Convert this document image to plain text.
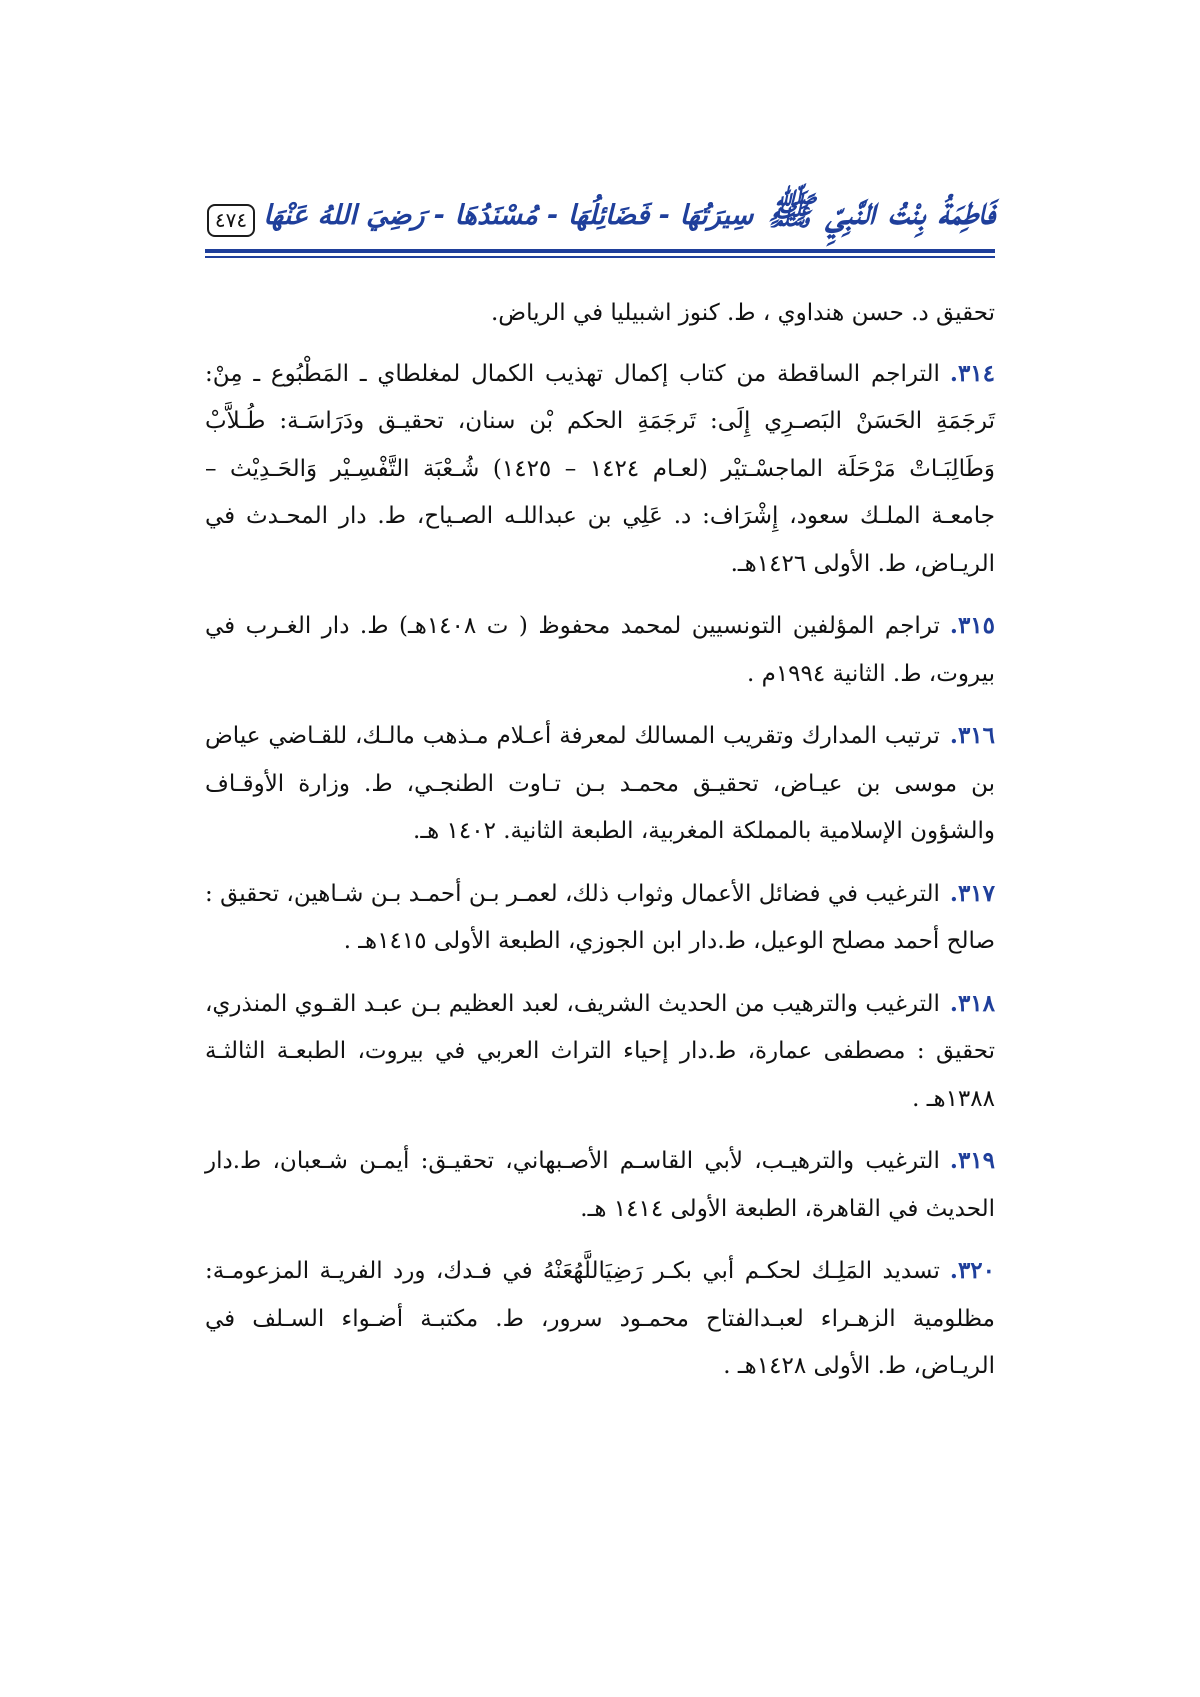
فَاطِمَةُ بِنْتُ النَّبِيِّ ﷺ سِيرَتُهَا - فَضَائِلُهَا - مُسْنَدُهَا - رَضِيَ اللهُ عَنْهَا
٤٧٤

تحقيق د. حسن هنداوي ، ط. كنوز اشبيليا في الرياض.

٣١٤.التراجم الساقطة من كتاب إكمال تهذيب الكمال لمغلطاي ـ المَطْبُوع ـ مِنْ: تَرجَمَةِ الحَسَنْ البَصـرِي إِلَى: تَرجَمَةِ الحكم بْن سنان، تحقيـق ودَرَاسَـة: طُـلاَّبْ وَطَالِبَـاتْ مَرْحَلَة الماجسْـتيْر (لعـام ١٤٢٤ – ١٤٢٥) شُـعْبَة التَّفْسِـيْر وَالحَـدِيْث – جامعـة الملـك سعود، إِشْرَاف: د. عَلِي بن عبداللـه الصـياح، ط. دار المحـدث في الريـاض، ط. الأولى ١٤٢٦هـ.

٣١٥.تراجم المؤلفين التونسيين لمحمد محفوظ ( ت ١٤٠٨هـ) ط. دار الغـرب في بيروت، ط. الثانية ١٩٩٤م .

٣١٦.ترتيب المدارك وتقريب المسالك لمعرفة أعـلام مـذهب مالـك، للقـاضي عياض بن موسى بن عيـاض، تحقيـق محمـد بـن تـاوت الطنجـي، ط. وزارة الأوقـاف والشؤون الإسلامية بالمملكة المغربية، الطبعة الثانية. ١٤٠٢ هـ.

٣١٧.الترغيب في فضائل الأعمال وثواب ذلك، لعمـر بـن أحمـد بـن شـاهين، تحقيق : صالح أحمد مصلح الوعيل، ط.دار ابن الجوزي، الطبعة الأولى ١٤١٥هـ .

٣١٨.الترغيب والترهيب من الحديث الشريف، لعبد العظيم بـن عبـد القـوي المنذري، تحقيق : مصطفى عمارة، ط.دار إحياء التراث العربي في بيروت، الطبعـة الثالثـة ١٣٨٨هـ .

٣١٩.الترغيب والترهيـب، لأبي القاسـم الأصـبهاني، تحقيـق: أيمـن شـعبان، ط.دار الحديث في القاهرة، الطبعة الأولى ١٤١٤ هـ.

٣٢٠.تسديد المَلِـك لحكـم أبي بكـر رَضِيَاللَّهُعَنْهُ في فـدك، ورد الفريـة المزعومـة: مظلومية الزهـراء لعبـدالفتاح محمـود سرور، ط. مكتبـة أضـواء السـلف في الريـاض، ط. الأولى ١٤٢٨هـ .
